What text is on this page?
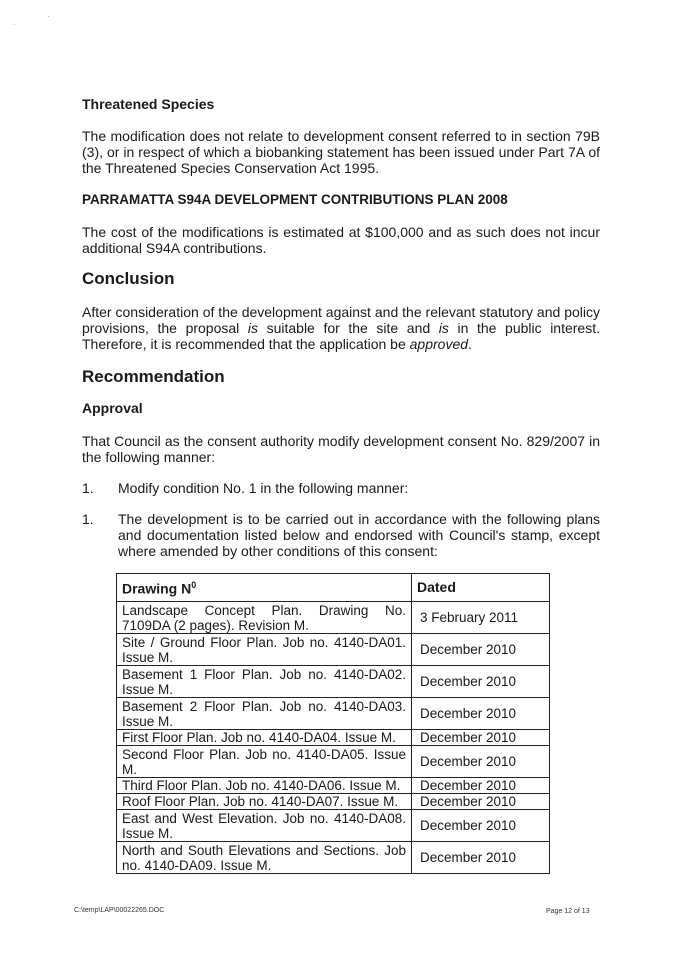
Threatened Species
The modification does not relate to development consent referred to in section 79B (3), or in respect of which a biobanking statement has been issued under Part 7A of the Threatened Species Conservation Act 1995.
PARRAMATTA S94A DEVELOPMENT CONTRIBUTIONS PLAN 2008
The cost of the modifications is estimated at $100,000 and as such does not incur additional S94A contributions.
Conclusion
After consideration of the development against and the relevant statutory and policy provisions, the proposal is suitable for the site and is in the public interest. Therefore, it is recommended that the application be approved.
Recommendation
Approval
That Council as the consent authority modify development consent No. 829/2007 in the following manner:
1. Modify condition No. 1 in the following manner:
1. The development is to be carried out in accordance with the following plans and documentation listed below and endorsed with Council's stamp, except where amended by other conditions of this consent:
Drawing $N^0$	Dated
Landscape Concept Plan. Drawing No. 7109DA (2 pages). Revision M.	3 February 2011
Site / Ground Floor Plan. Job no. 4140-DA01. Issue M.	December 2010
Basement 1 Floor Plan. Job no. 4140-DA02. Issue M.	December 2010
Basement 2 Floor Plan. Job no. 4140-DA03. Issue M.	December 2010
First Floor Plan. Job no. 4140-DA04. Issue M.	December 2010
Second Floor Plan. Job no. 4140-DA05. Issue M.	December 2010
Third Floor Plan. Job no. 4140-DA06. Issue M.	December 2010
Roof Floor Plan. Job no. 4140-DA07. Issue M.	December 2010
East and West Elevation. Job no. 4140-DA08. Issue M.	December 2010
North and South Elevations and Sections. Job no. 4140-DA09. Issue M.	December 2010
C:\temp\LAP\00022265.DOC	Page 12 of 13
